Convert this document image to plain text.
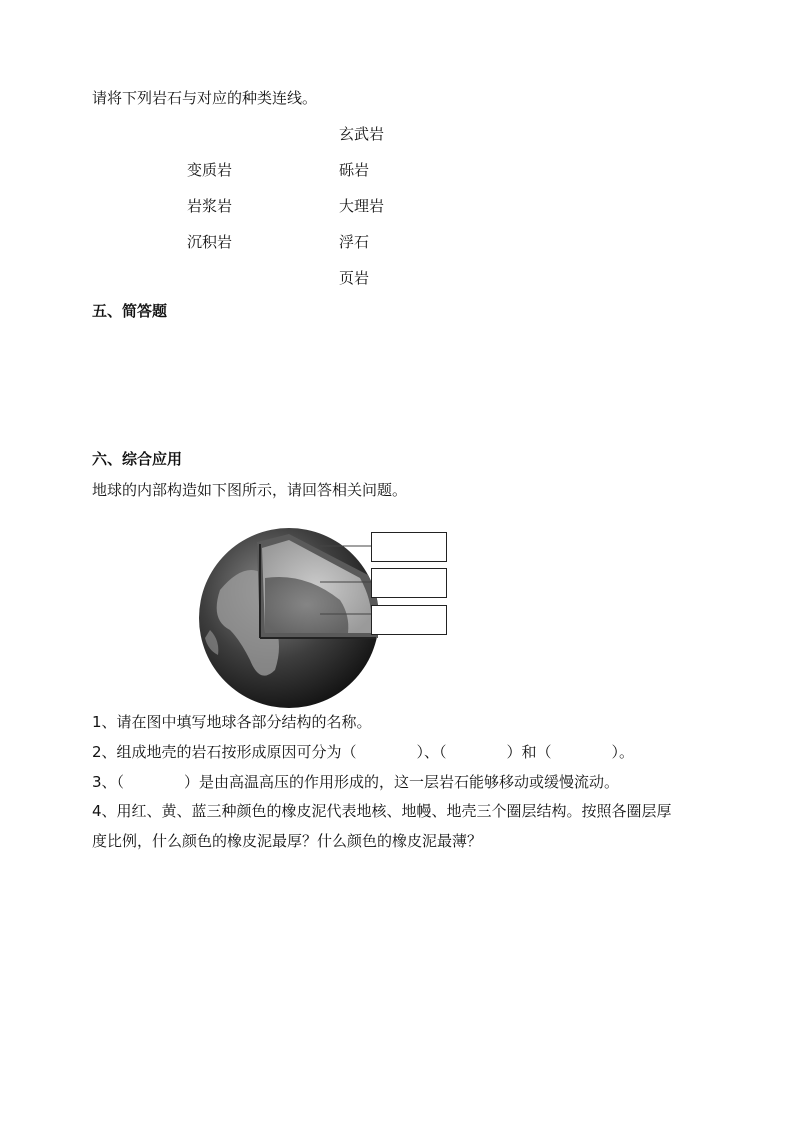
请将下列岩石与对应的种类连线。
变质岩
岩浆岩
沉积岩
玄武岩
砾岩
大理岩
浮石
页岩
五、简答题
六、综合应用
地球的内部构造如下图所示，请回答相关问题。
1、请在图中填写地球各部分结构的名称。
2、组成地壳的岩石按形成原因可分为（　　　　）、（　　　　）和（　　　　）。
3、（　　　　）是由高温高压的作用形成的，这一层岩石能够移动或缓慢流动。
4、用红、黄、蓝三种颜色的橡皮泥代表地核、地幔、地壳三个圈层结构。按照各圈层厚
度比例，什么颜色的橡皮泥最厚？什么颜色的橡皮泥最薄？
